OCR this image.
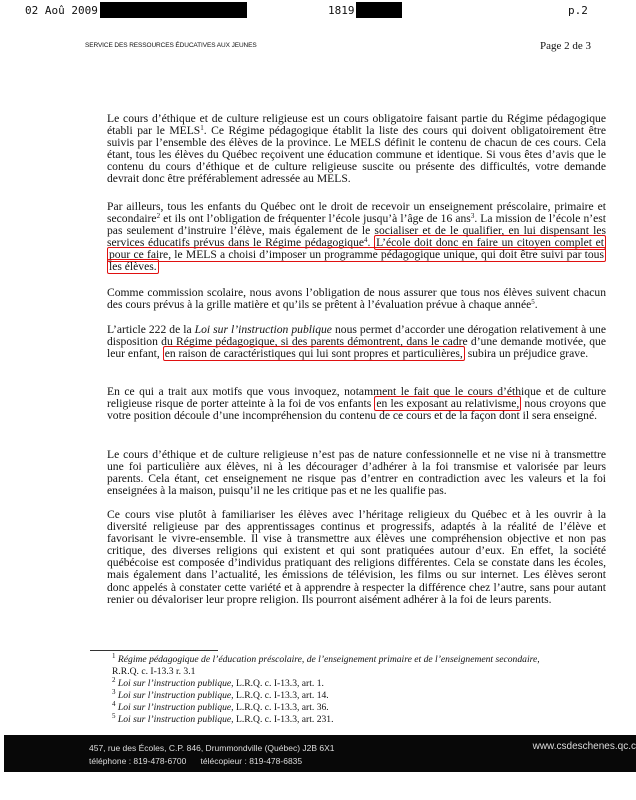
02 Aoû 2009	1819	p.2
SERVICE DES RESSOURCES ÉDUCATIVES AUX JEUNES	Page 2 de 3

Le cours d’éthique et de culture religieuse est un cours obligatoire faisant partie du Régime pédagogique établi par le MELS$^1$. Ce Régime pédagogique établit la liste des cours qui doivent obligatoirement être suivis par l’ensemble des élèves de la province. Le MELS définit le contenu de chacun de ces cours. Cela étant, tous les élèves du Québec reçoivent une éducation commune et identique. Si vous êtes d’avis que le contenu du cours d’éthique et de culture religieuse suscite ou présente des difficultés, votre demande devrait donc être préférablement adressée au MELS.

Par ailleurs, tous les enfants du Québec ont le droit de recevoir un enseignement préscolaire, primaire et secondaire$^2$ et ils ont l’obligation de fréquenter l’école jusqu’à l’âge de 16 ans$^3$. La mission de l’école n’est pas seulement d’instruire l’élève, mais également de le socialiser et de le qualifier, en lui dispensant les services éducatifs prévus dans le Régime pédagogique$^4$. L’école doit donc en faire un citoyen complet et pour ce faire, le MELS a choisi d’imposer un programme pédagogique unique, qui doit être suivi par tous les élèves.

Comme commission scolaire, nous avons l’obligation de nous assurer que tous nos élèves suivent chacun des cours prévus à la grille matière et qu’ils se prêtent à l’évaluation prévue à chaque année$^5$.

L’article 222 de la Loi sur l’instruction publique nous permet d’accorder une dérogation relativement à une disposition du Régime pédagogique, si des parents démontrent, dans le cadre d’une demande motivée, que leur enfant, en raison de caractéristiques qui lui sont propres et particulières, subira un préjudice grave.

En ce qui a trait aux motifs que vous invoquez, notamment le fait que le cours d’éthique et de culture religieuse risque de porter atteinte à la foi de vos enfants en les exposant au relativisme, nous croyons que votre position découle d’une incompréhension du contenu de ce cours et de la façon dont il sera enseigné.

Le cours d’éthique et de culture religieuse n’est pas de nature confessionnelle et ne vise ni à transmettre une foi particulière aux élèves, ni à les décourager d’adhérer à la foi transmise et valorisée par leurs parents. Cela étant, cet enseignement ne risque pas d’entrer en contradiction avec les valeurs et la foi enseignées à la maison, puisqu’il ne les critique pas et ne les qualifie pas.

Ce cours vise plutôt à familiariser les élèves avec l’héritage religieux du Québec et à les ouvrir à la diversité religieuse par des apprentissages continus et progressifs, adaptés à la réalité de l’élève et favorisant le vivre-ensemble. Il vise à transmettre aux élèves une compréhension objective et non pas critique, des diverses religions qui existent et qui sont pratiquées autour d’eux. En effet, la société québécoise est composée d’individus pratiquant des religions différentes. Cela se constate dans les écoles, mais également dans l’actualité, les émissions de télévision, les films ou sur internet. Les élèves seront donc appelés à constater cette variété et à apprendre à respecter la différence chez l’autre, sans pour autant renier ou dévaloriser leur propre religion. Ils pourront aisément adhérer à la foi de leurs parents.

$^1$ Régime pédagogique de l’éducation préscolaire, de l’enseignement primaire et de l’enseignement secondaire,
R.R.Q. c. I-13.3 r. 3.1
$^2$ Loi sur l’instruction publique, L.R.Q. c. I-13.3, art. 1.
$^3$ Loi sur l’instruction publique, L.R.Q. c. I-13.3, art. 14.
$^4$ Loi sur l’instruction publique, L.R.Q. c. I-13.3, art. 36.
$^5$ Loi sur l’instruction publique, L.R.Q. c. I-13.3, art. 231.
457, rue des Écoles, C.P. 846, Drummondville (Québec) J2B 6X1
téléphone : 819-478-6700      télécopieur : 819-478-6835
www.csdeschenes.qc.c
